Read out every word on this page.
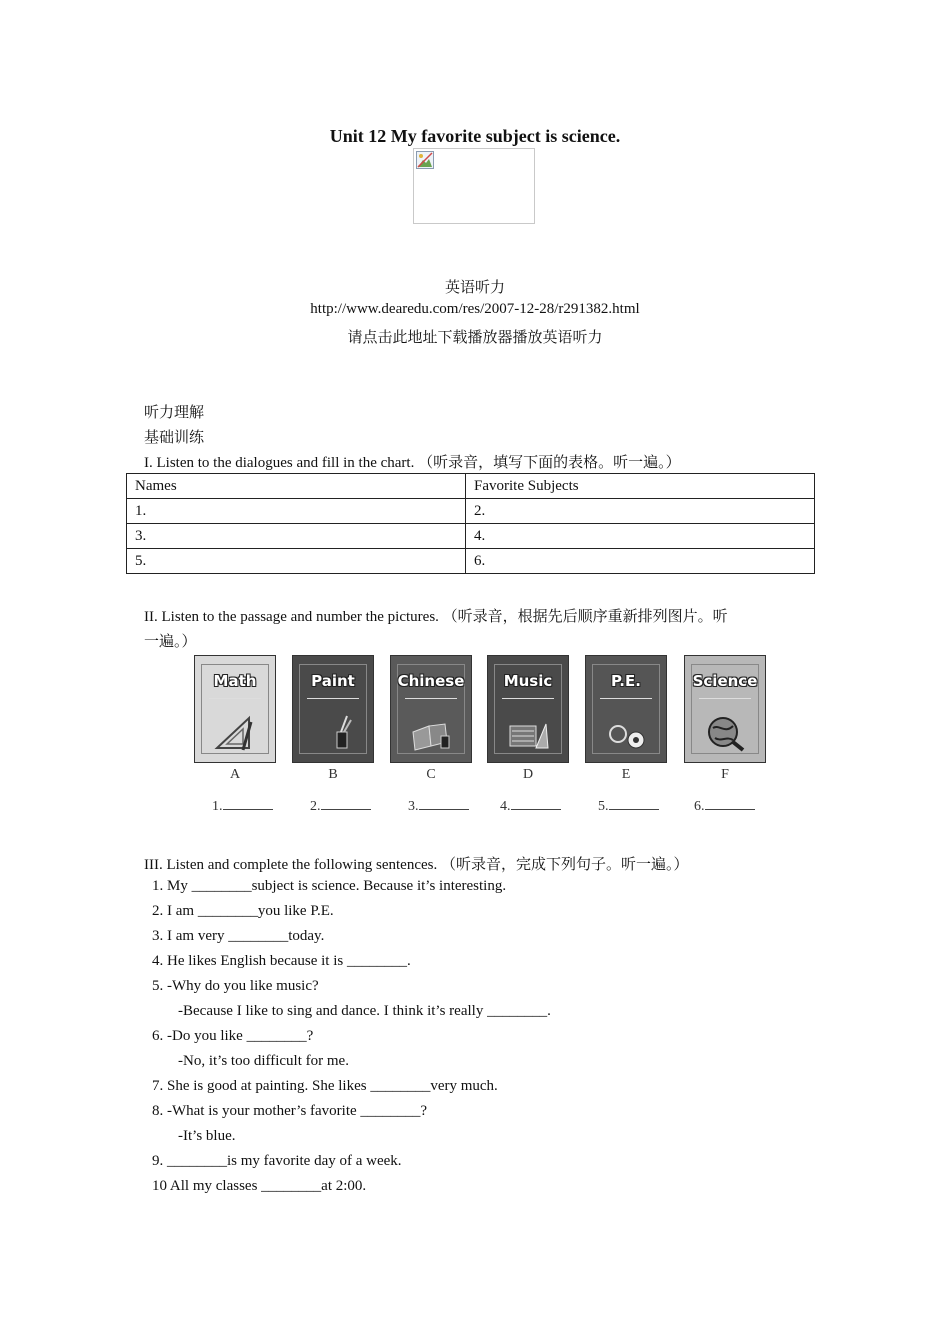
Unit 12 My favorite subject is science.
英语听力
http://www.dearedu.com/res/2007-12-28/r291382.html
请点击此地址下载播放器播放英语听力
听力理解
基础训练
I. Listen to the dialogues and fill in the chart. （听录音，填写下面的表格。听一遍。）
Names	Favorite Subjects
1.	2.
3.	4.
5.	6.
II. Listen to the passage and number the pictures. （听录音，根据先后顺序重新排列图片。听
一遍。）
Math
A
1.
Paint
B
2.
Chinese
C
3.
Music
D
4.
P.E.
E
5.
Science
F
6.
III. Listen and complete the following sentences. （听录音，完成下列句子。听一遍。）
1. My ________subject is science. Because it’s interesting.
2. I am ________you like P.E.
3. I am very ________today.
4. He likes English because it is ________.
5. -Why do you like music?
-Because I like to sing and dance. I think it’s really ________.
6. -Do you like ________?
-No, it’s too difficult for me.
7. She is good at painting. She likes ________very much.
8. -What is your mother’s favorite ________?
-It’s blue.
9. ________is my favorite day of a week.
10 All my classes ________at 2:00.
